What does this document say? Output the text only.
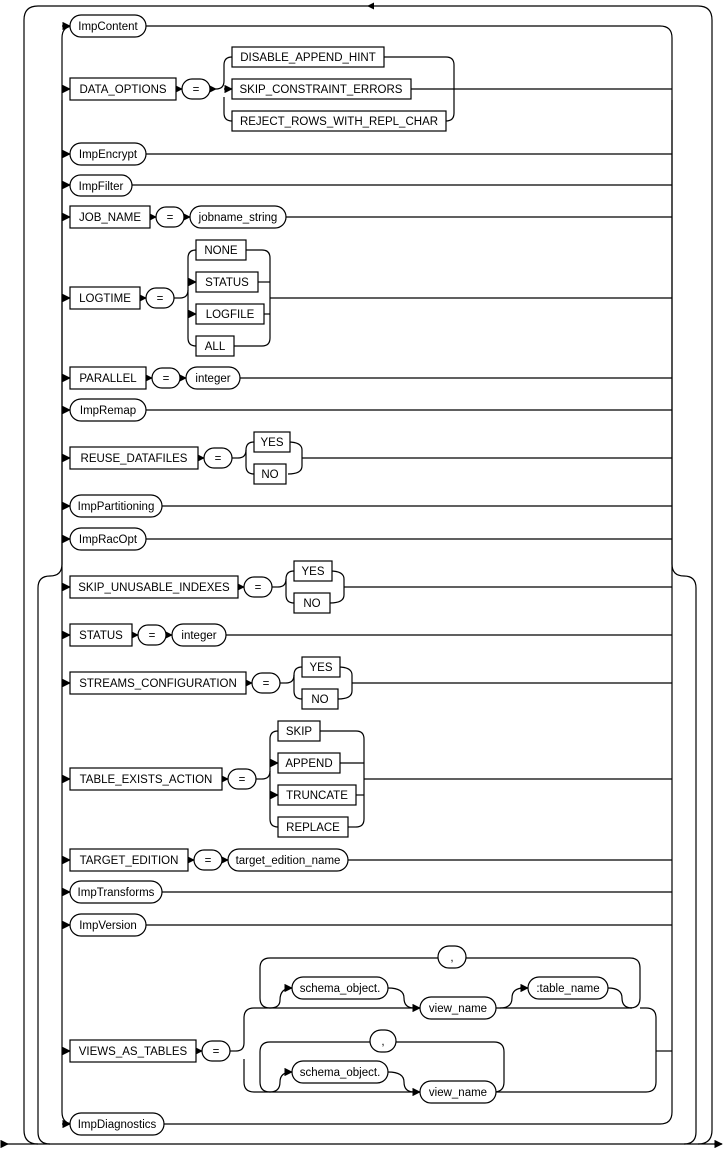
ImpContent
DATA_OPTIONS =
DISABLE_APPEND_HINT
SKIP_CONSTRAINT_ERRORS
REJECT_ROWS_WITH_REPL_CHAR
ImpEncrypt
ImpFilter
JOB_NAME = jobname_string
LOGTIME =
NONE
STATUS
LOGFILE
ALL
PARALLEL = integer
ImpRemap
REUSE_DATAFILES =
YES
NO
ImpPartitioning
ImpRacOpt
SKIP_UNUSABLE_INDEXES =
YES
NO
STATUS = integer
STREAMS_CONFIGURATION =
YES
NO
TABLE_EXISTS_ACTION =
SKIP
APPEND
TRUNCATE
REPLACE
TARGET_EDITION = target_edition_name
ImpTransforms
ImpVersion
VIEWS_AS_TABLES =
,
schema_object.
view_name
:table_name
,
schema_object.
view_name
ImpDiagnostics
